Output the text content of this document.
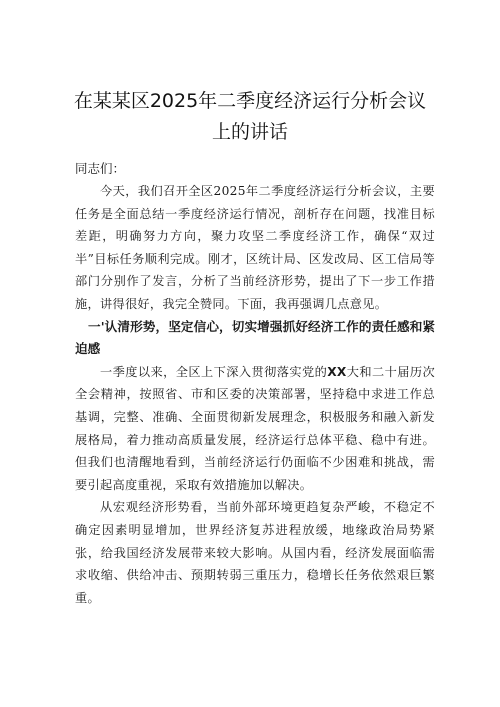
在某某区2025年二季度经济运行分析会议
上的讲话

同志们：

今天，我们召开全区2025年二季度经济运行分析会议，主要任务是全面总结一季度经济运行情况，剖析存在问题，找准目标差距，明确努力方向，聚力攻坚二季度经济工作，确保“双过半”目标任务顺利完成。刚才，区统计局、区发改局、区工信局等部门分别作了发言，分析了当前经济形势，提出了下一步工作措施，讲得很好，我完全赞同。下面，我再强调几点意见。

一'认清形势，坚定信心，切实增强抓好经济工作的责任感和紧迫感

一季度以来，全区上下深入贯彻落实党的XX大和二十届历次全会精神，按照省、市和区委的决策部署，坚持稳中求进工作总基调，完整、准确、全面贯彻新发展理念，积极服务和融入新发展格局，着力推动高质量发展，经济运行总体平稳、稳中有进。但我们也清醒地看到，当前经济运行仍面临不少困难和挑战，需要引起高度重视，采取有效措施加以解决。

从宏观经济形势看，当前外部环境更趋复杂严峻，不稳定不确定因素明显增加，世界经济复苏进程放缓，地缘政治局势紧张，给我国经济发展带来较大影响。从国内看，经济发展面临需求收缩、供给冲击、预期转弱三重压力，稳增长任务依然艰巨繁重。
